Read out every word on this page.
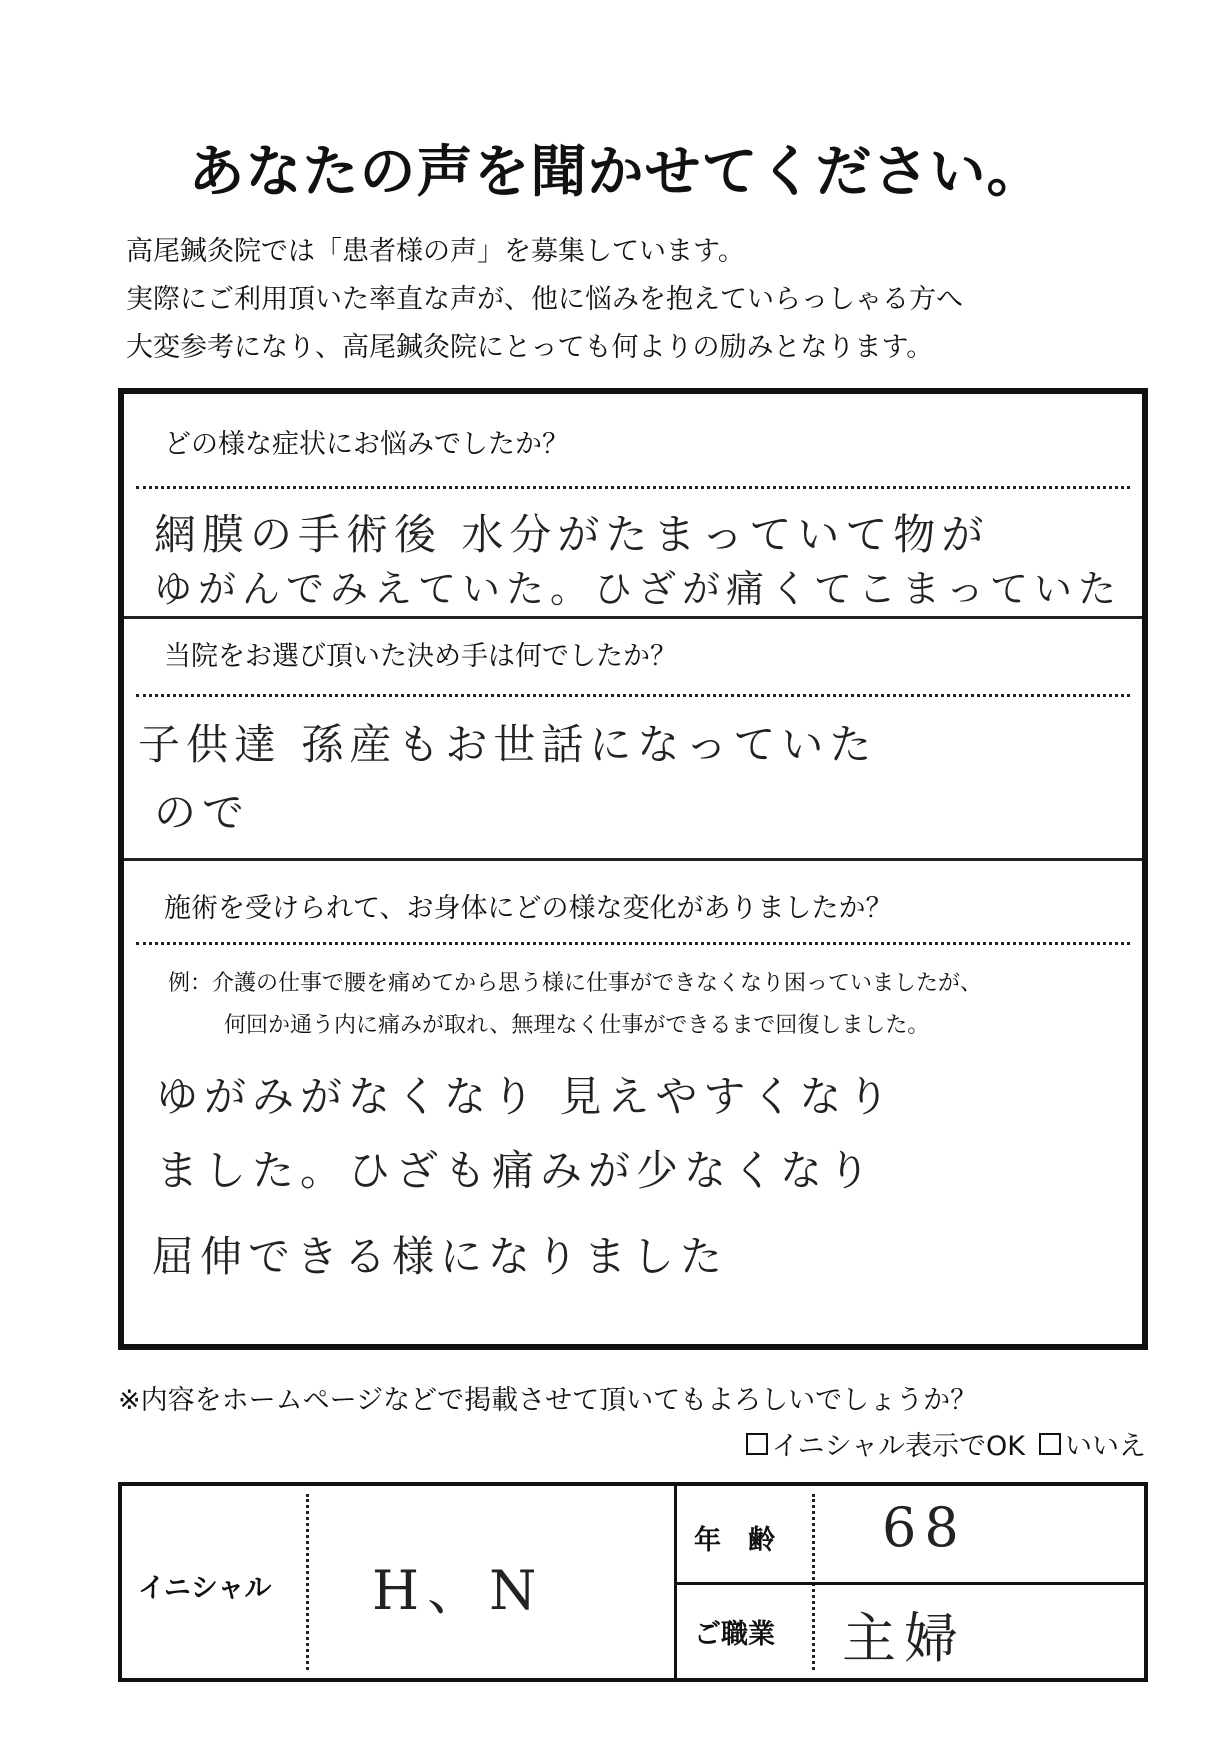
あなたの声を聞かせてください。
高尾鍼灸院では「患者様の声」を募集しています。
実際にご利用頂いた率直な声が、他に悩みを抱えていらっしゃる方へ
大変参考になり、高尾鍼灸院にとっても何よりの励みとなります。
どの様な症状にお悩みでしたか？
網膜の手術後 水分がたまっていて物が
ゆがんでみえていた。ひざが痛くてこまっていた
当院をお選び頂いた決め手は何でしたか？
子供達 孫産もお世話になっていた
ので
施術を受けられて、お身体にどの様な変化がありましたか？
例：介護の仕事で腰を痛めてから思う様に仕事ができなくなり困っていましたが、
何回か通う内に痛みが取れ、無理なく仕事ができるまで回復しました。
ゆがみがなくなり 見えやすくなり
ました。ひざも痛みが少なくなり
屈伸できる様になりました
※内容をホームページなどで掲載させて頂いてもよろしいでしょうか？
イニシャル表示でOK いいえ
イニシャル H、N
年　齢 68
ご職業 主婦
